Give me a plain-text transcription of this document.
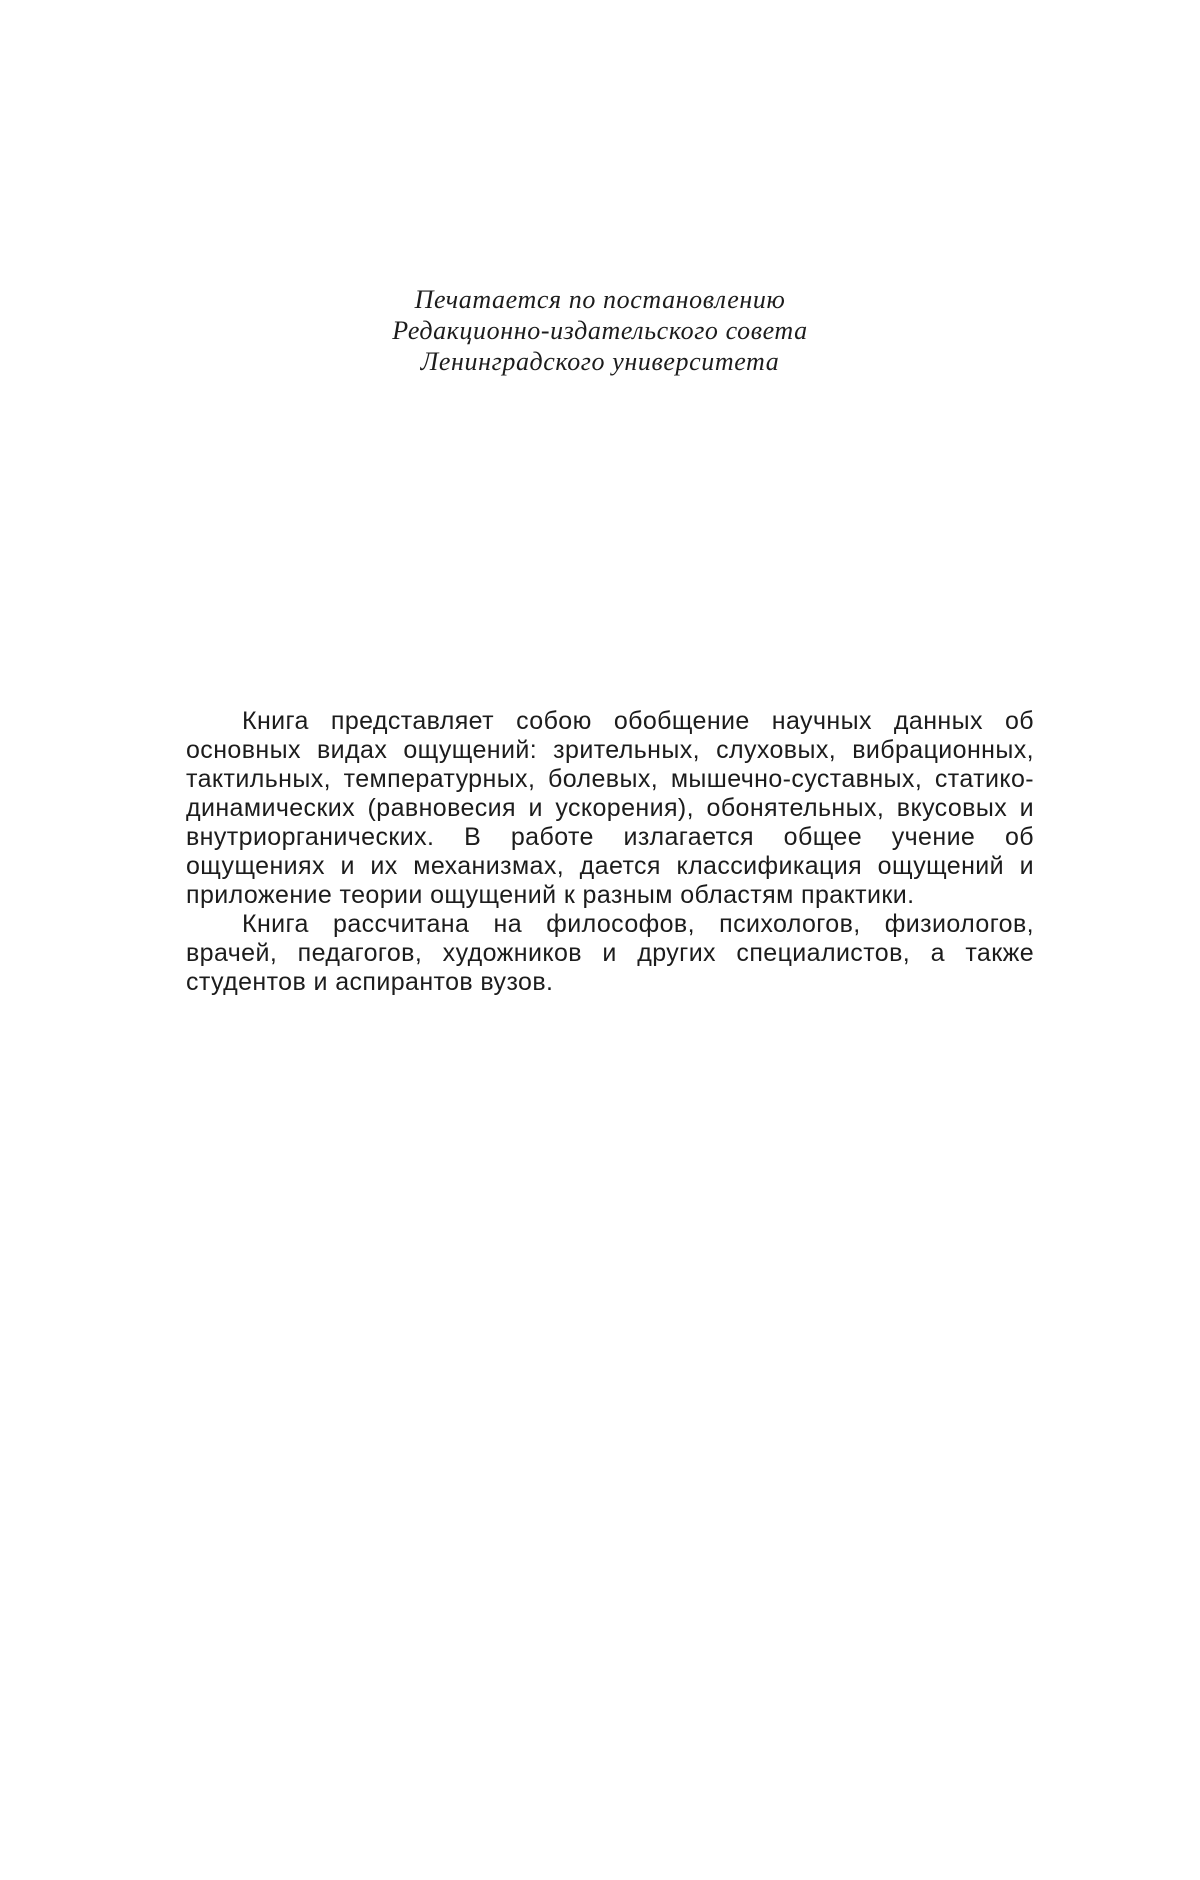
Печатается по постановлению
Редакционно-издательского совета
Ленинградского университета

Книга представляет собою обобщение научных данных об основных видах ощущений: зрительных, слуховых, вибрационных, тактильных, температурных, болевых, мышечно-суставных, статико-динамических (равновесия и ускорения), обонятельных, вкусовых и внутриорганических. В работе излагается общее учение об ощущениях и их механизмах, дается классификация ощущений и приложение теории ощущений к разным областям практики.

Книга рассчитана на философов, психологов, физиологов, врачей, педагогов, художников и других специалистов, а также студентов и аспирантов вузов.
